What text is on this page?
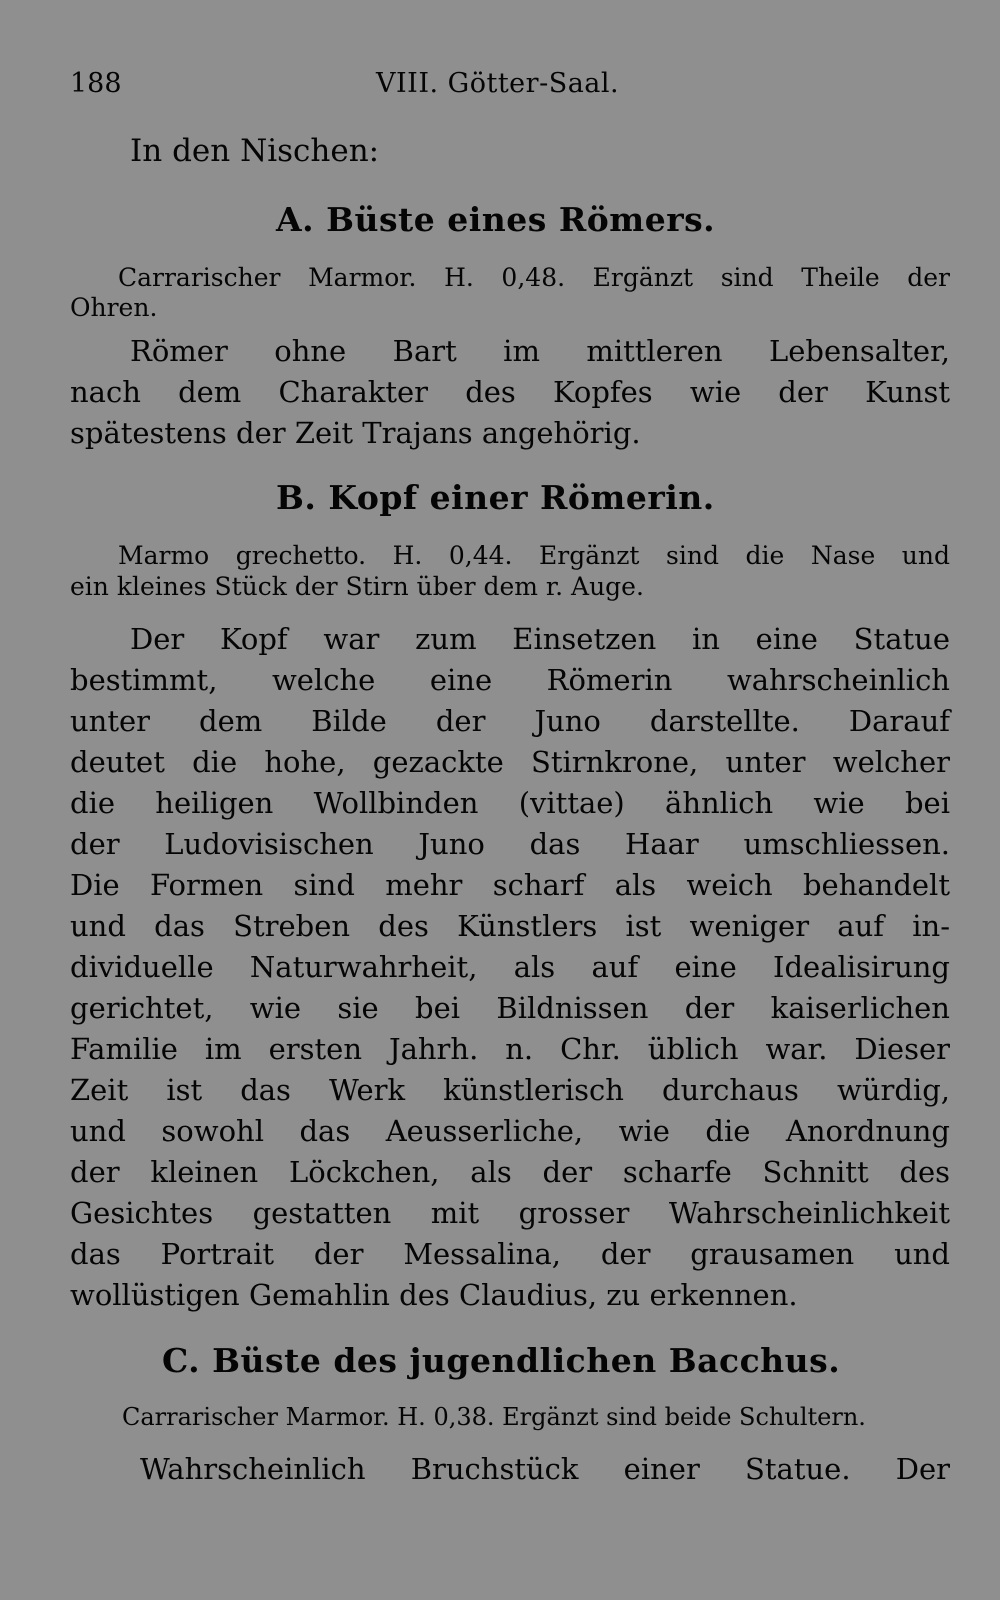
188	VIII. Götter-Saal.
In den Nischen:
A. Büste eines Römers.
Carrarischer Marmor. H. 0,48. Ergänzt sind Theile der
Ohren.
Römer ohne Bart im mittleren Lebensalter,
nach dem Charakter des Kopfes wie der Kunst
spätestens der Zeit Trajans angehörig.
B. Kopf einer Römerin.
Marmo grechetto. H. 0,44. Ergänzt sind die Nase und
ein kleines Stück der Stirn über dem r. Auge.
Der Kopf war zum Einsetzen in eine Statue
bestimmt, welche eine Römerin wahrscheinlich
unter dem Bilde der Juno darstellte. Darauf
deutet die hohe, gezackte Stirnkrone, unter welcher
die heiligen Wollbinden (vittae) ähnlich wie bei
der Ludovisischen Juno das Haar umschliessen.
Die Formen sind mehr scharf als weich behandelt
und das Streben des Künstlers ist weniger auf in-
dividuelle Naturwahrheit, als auf eine Idealisirung
gerichtet, wie sie bei Bildnissen der kaiserlichen
Familie im ersten Jahrh. n. Chr. üblich war. Dieser
Zeit ist das Werk künstlerisch durchaus würdig,
und sowohl das Aeusserliche, wie die Anordnung
der kleinen Löckchen, als der scharfe Schnitt des
Gesichtes gestatten mit grosser Wahrscheinlichkeit
das Portrait der Messalina, der grausamen und
wollüstigen Gemahlin des Claudius, zu erkennen.
C. Büste des jugendlichen Bacchus.
Carrarischer Marmor. H. 0,38. Ergänzt sind beide Schultern.
Wahrscheinlich Bruchstück einer Statue. Der
